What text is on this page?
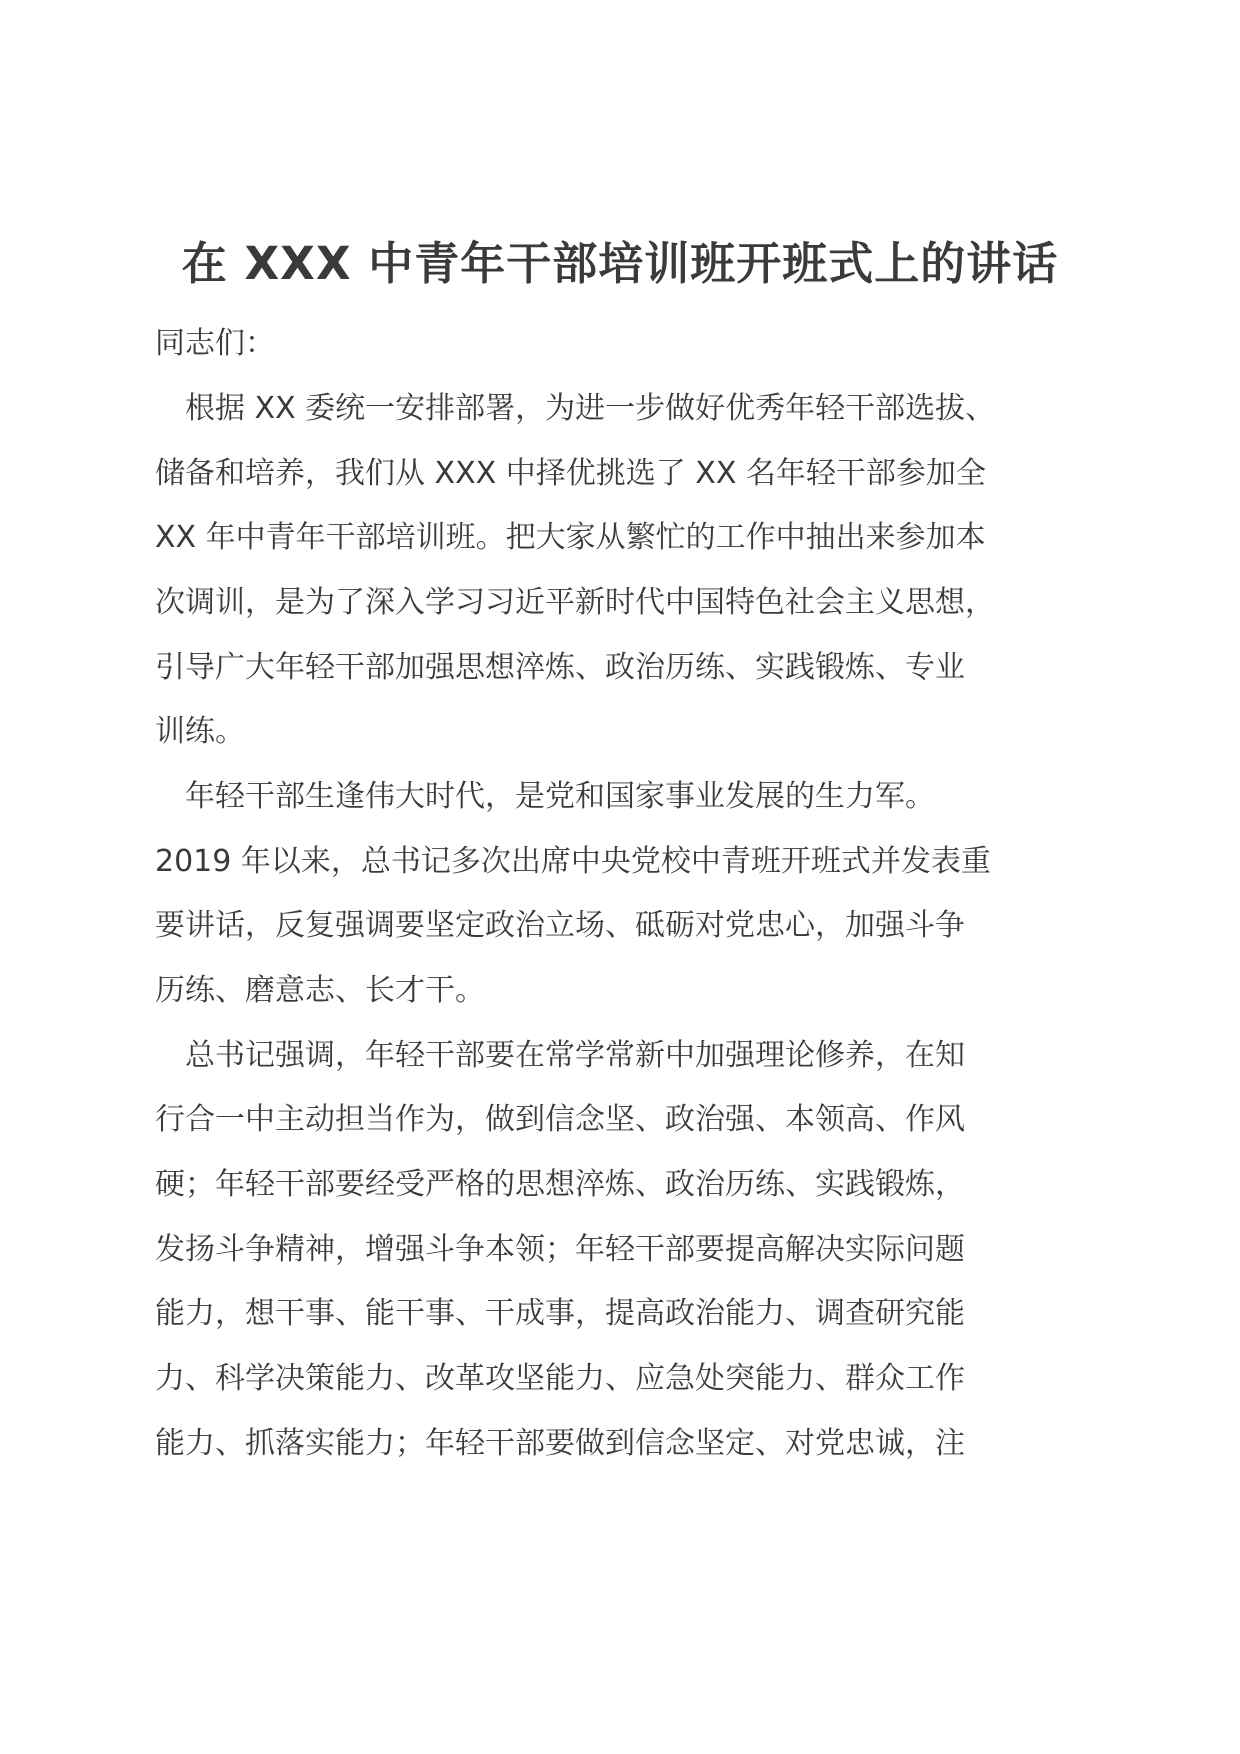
在 XXX 中青年干部培训班开班式上的讲话
同志们：
　根据 XX 委统一安排部署，为进一步做好优秀年轻干部选拔、
储备和培养，我们从 XXX 中择优挑选了 XX 名年轻干部参加全
XX 年中青年干部培训班。把大家从繁忙的工作中抽出来参加本
次调训，是为了深入学习习近平新时代中国特色社会主义思想，
引导广大年轻干部加强思想淬炼、政治历练、实践锻炼、专业
训练。
　年轻干部生逢伟大时代，是党和国家事业发展的生力军。
2019 年以来，总书记多次出席中央党校中青班开班式并发表重
要讲话，反复强调要坚定政治立场、砥砺对党忠心，加强斗争
历练、磨意志、长才干。
　总书记强调，年轻干部要在常学常新中加强理论修养，在知
行合一中主动担当作为，做到信念坚、政治强、本领高、作风
硬；年轻干部要经受严格的思想淬炼、政治历练、实践锻炼，
发扬斗争精神，增强斗争本领；年轻干部要提高解决实际问题
能力，想干事、能干事、干成事，提高政治能力、调查研究能
力、科学决策能力、改革攻坚能力、应急处突能力、群众工作
能力、抓落实能力；年轻干部要做到信念坚定、对党忠诚，注
